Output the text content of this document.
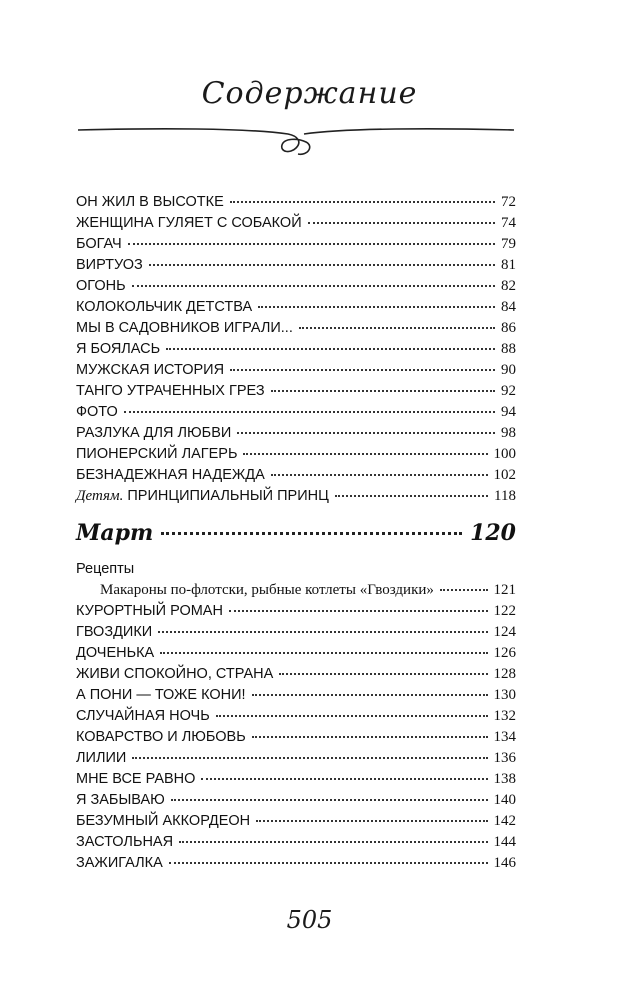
Содержание
ОН ЖИЛ В ВЫСОТКЕ	72
ЖЕНЩИНА ГУЛЯЕТ С СОБАКОЙ	74
БОГАЧ	79
ВИРТУОЗ	81
ОГОНЬ	82
КОЛОКОЛЬЧИК ДЕТСТВА	84
МЫ В САДОВНИКОВ ИГРАЛИ...	86
Я БОЯЛАСЬ	88
МУЖСКАЯ ИСТОРИЯ	90
ТАНГО УТРАЧЕННЫХ ГРЕЗ	92
ФОТО	94
РАЗЛУКА ДЛЯ ЛЮБВИ	98
ПИОНЕРСКИЙ ЛАГЕРЬ	100
БЕЗНАДЕЖНАЯ НАДЕЖДА	102
Детям. ПРИНЦИПИАЛЬНЫЙ ПРИНЦ	118
Март	120
Рецепты
Макароны по-флотски, рыбные котлеты «Гвоздики»	121
КУРОРТНЫЙ РОМАН	122
ГВОЗДИКИ	124
ДОЧЕНЬКА	126
ЖИВИ СПОКОЙНО, СТРАНА	128
А ПОНИ — ТОЖЕ КОНИ!	130
СЛУЧАЙНАЯ НОЧЬ	132
КОВАРСТВО И ЛЮБОВЬ	134
ЛИЛИИ	136
МНЕ ВСЕ РАВНО	138
Я ЗАБЫВАЮ	140
БЕЗУМНЫЙ АККОРДЕОН	142
ЗАСТОЛЬНАЯ	144
ЗАЖИГАЛКА	146
505
